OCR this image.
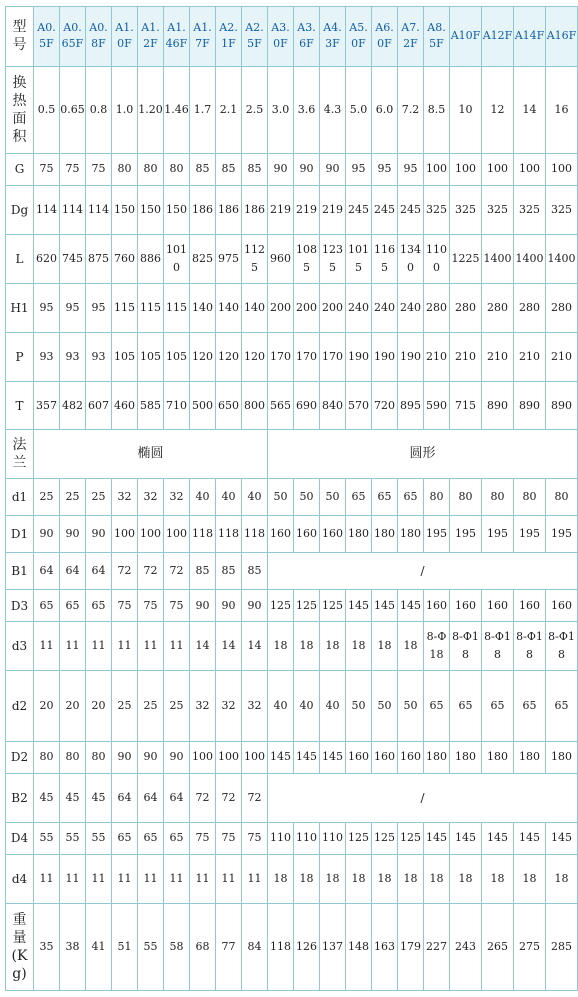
型号	A0.5F	A0.65F	A0.8F	A1.0F	A1.2F	A1.46F	A1.7F	A2.1F	A2.5F	A3.0F	A3.6F	A4.3F	A5.0F	A6.0F	A7.2F	A8.5F	A10F	A12F	A14F	A16F
换热面积	0.5	0.65	0.8	1.0	1.20	1.46	1.7	2.1	2.5	3.0	3.6	4.3	5.0	6.0	7.2	8.5	10	12	14	16
G	75	75	75	80	80	80	85	85	85	90	90	90	95	95	95	100	100	100	100	100
Dg	114	114	114	150	150	150	186	186	186	219	219	219	245	245	245	325	325	325	325	325
L	620	745	875	760	886	1010	825	975	1125	960	1085	1235	1015	1165	1340	1100	1225	1400	1400	1400
H1	95	95	95	115	115	115	140	140	140	200	200	200	240	240	240	280	280	280	280	280
P	93	93	93	105	105	105	120	120	120	170	170	170	190	190	190	210	210	210	210	210
T	357	482	607	460	585	710	500	650	800	565	690	840	570	720	895	590	715	890	890	890
法兰	椭圆									圆形										
d1	25	25	25	32	32	32	40	40	40	50	50	50	65	65	65	80	80	80	80	80
D1	90	90	90	100	100	100	118	118	118	160	160	160	180	180	180	195	195	195	195	195
B1	64	64	64	72	72	72	85	85	85	/										
D3	65	65	65	75	75	75	90	90	90	125	125	125	145	145	145	160	160	160	160	160
d3	11	11	11	11	11	11	14	14	14	18	18	18	18	18	18	8-Φ18	8-Φ18	8-Φ18	8-Φ18	8-Φ18
d2	20	20	20	25	25	25	32	32	32	40	40	40	50	50	50	65	65	65	65	65
D2	80	80	80	90	90	90	100	100	100	145	145	145	160	160	160	180	180	180	180	180
B2	45	45	45	64	64	64	72	72	72	/										
D4	55	55	55	65	65	65	75	75	75	110	110	110	125	125	125	145	145	145	145	145
d4	11	11	11	11	11	11	11	11	11	18	18	18	18	18	18	18	18	18	18	18
重量(Kg)	35	38	41	51	55	58	68	77	84	118	126	137	148	163	179	227	243	265	275	285
